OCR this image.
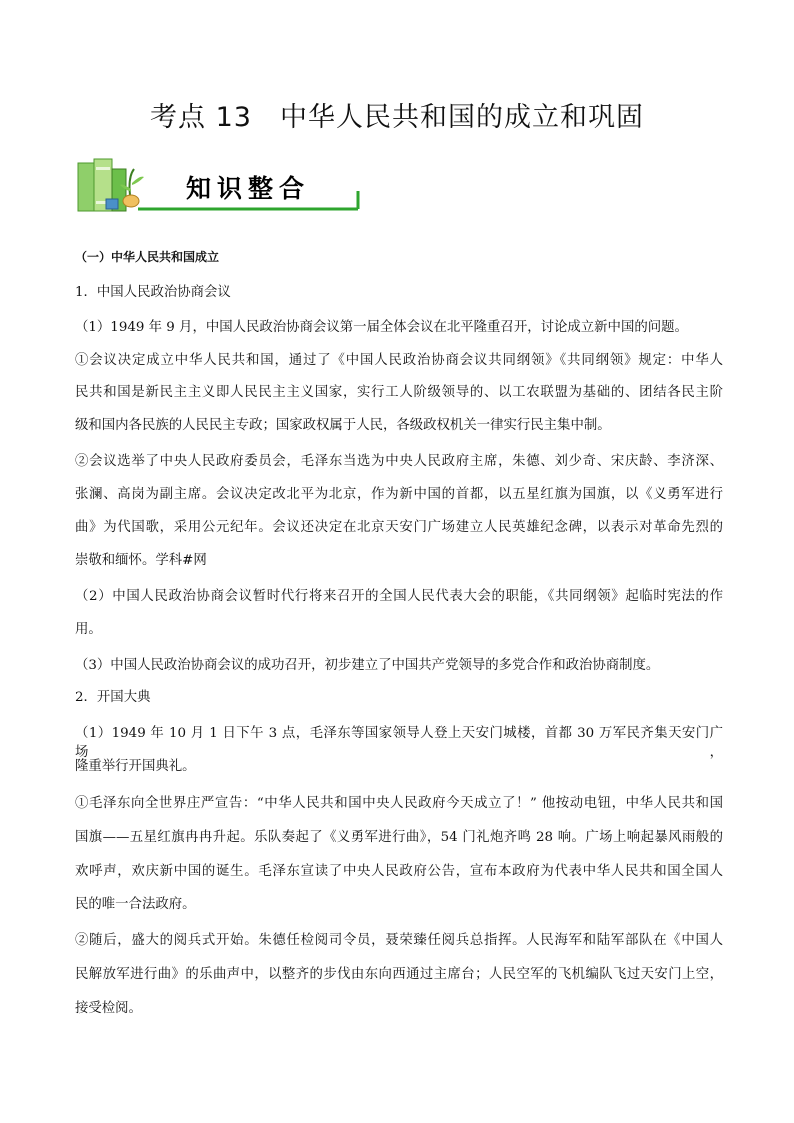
考点 13　中华人民共和国的成立和巩固
知识整合
（一）中华人民共和国成立
1．中国人民政治协商会议
（1）1949 年 9 月，中国人民政治协商会议第一届全体会议在北平隆重召开，讨论成立新中国的问题。
①会议决定成立中华人民共和国，通过了《中国人民政治协商会议共同纲领》《共同纲领》规定：中华人
民共和国是新民主主义即人民民主主义国家，实行工人阶级领导的、以工农联盟为基础的、团结各民主阶
级和国内各民族的人民民主专政；国家政权属于人民，各级政权机关一律实行民主集中制。
②会议选举了中央人民政府委员会，毛泽东当选为中央人民政府主席，朱德、刘少奇、宋庆龄、李济深、
张澜、高岗为副主席。会议决定改北平为北京，作为新中国的首都，以五星红旗为国旗，以《义勇军进行
曲》为代国歌，采用公元纪年。会议还决定在北京天安门广场建立人民英雄纪念碑，以表示对革命先烈的
崇敬和缅怀。学科#网
（2）中国人民政治协商会议暂时代行将来召开的全国人民代表大会的职能，《共同纲领》起临时宪法的作
用。
（3）中国人民政治协商会议的成功召开，初步建立了中国共产党领导的多党合作和政治协商制度。
2．开国大典
（1）1949 年 10 月 1 日下午 3 点，毛泽东等国家领导人登上天安门城楼，首都 30 万军民齐集天安门广场，
隆重举行开国典礼。
①毛泽东向全世界庄严宣告：“中华人民共和国中央人民政府今天成立了！” 他按动电钮，中华人民共和国
国旗——五星红旗冉冉升起。乐队奏起了《义勇军进行曲》，54 门礼炮齐鸣 28 响。广场上响起暴风雨般的
欢呼声，欢庆新中国的诞生。毛泽东宣读了中央人民政府公告，宣布本政府为代表中华人民共和国全国人
民的唯一合法政府。
②随后，盛大的阅兵式开始。朱德任检阅司令员，聂荣臻任阅兵总指挥。人民海军和陆军部队在《中国人
民解放军进行曲》的乐曲声中，以整齐的步伐由东向西通过主席台；人民空军的飞机编队飞过天安门上空，
接受检阅。
